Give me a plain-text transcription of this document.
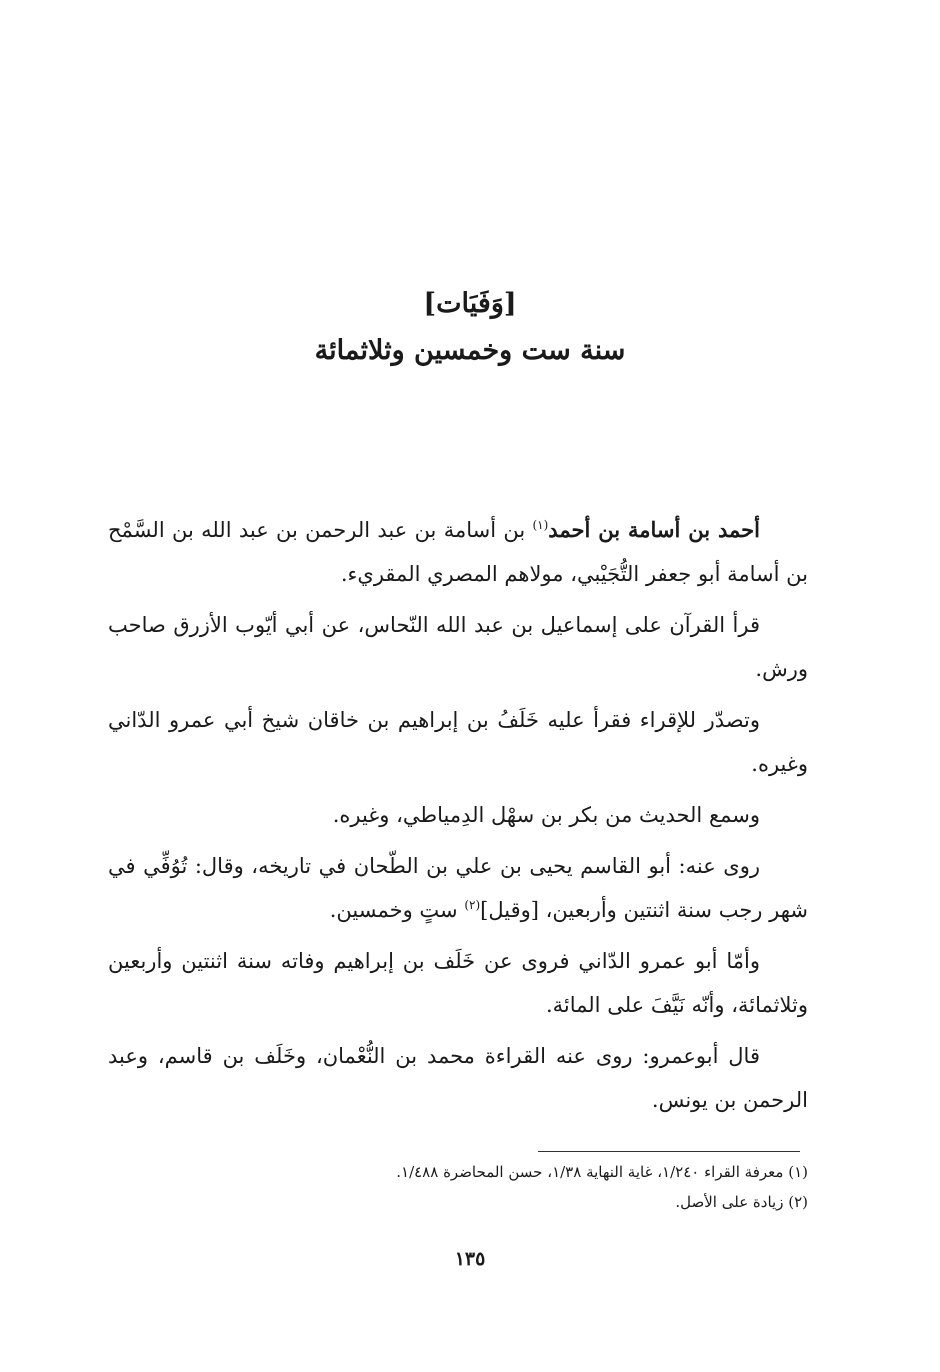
[وَفَيَات]
سنة ست وخمسين وثلاثمائة

أحمد بن أسامة بن أحمد$^{(١)}$ بن أسامة بن عبد الرحمن بن عبد الله بن السَّمْح بن أسامة أبو جعفر التُّجَيْبي، مولاهم المصري المقريء.

قرأ القرآن على إسماعيل بن عبد الله النّحاس، عن أبي أيّوب الأزرق صاحب ورش.

وتصدّر للإقراء فقرأ عليه خَلَفُ بن إبراهيم بن خاقان شيخ أبي عمرو الدّاني وغيره.

وسمع الحديث من بكر بن سهْل الدِمياطي، وغيره.

روى عنه: أبو القاسم يحيى بن علي بن الطّحان في تاريخه، وقال: تُوُفِّي في شهر رجب سنة اثنتين وأربعين، [وقيل]$^{(٢)}$ ستٍ وخمسين.

وأمّا أبو عمرو الدّاني فروى عن خَلَف بن إبراهيم وفاته سنة اثنتين وأربعين وثلاثمائة، وأنّه نَيَّفَ على المائة.

قال أبوعمرو: روى عنه القراءة محمد بن النُّعْمان، وخَلَف بن قاسم، وعبد الرحمن بن يونس.

(١) معرفة القراء ١/٢٤٠، غاية النهاية ١/٣٨، حسن المحاضرة ١/٤٨٨.
(٢) زيادة على الأصل.
١٣٥
